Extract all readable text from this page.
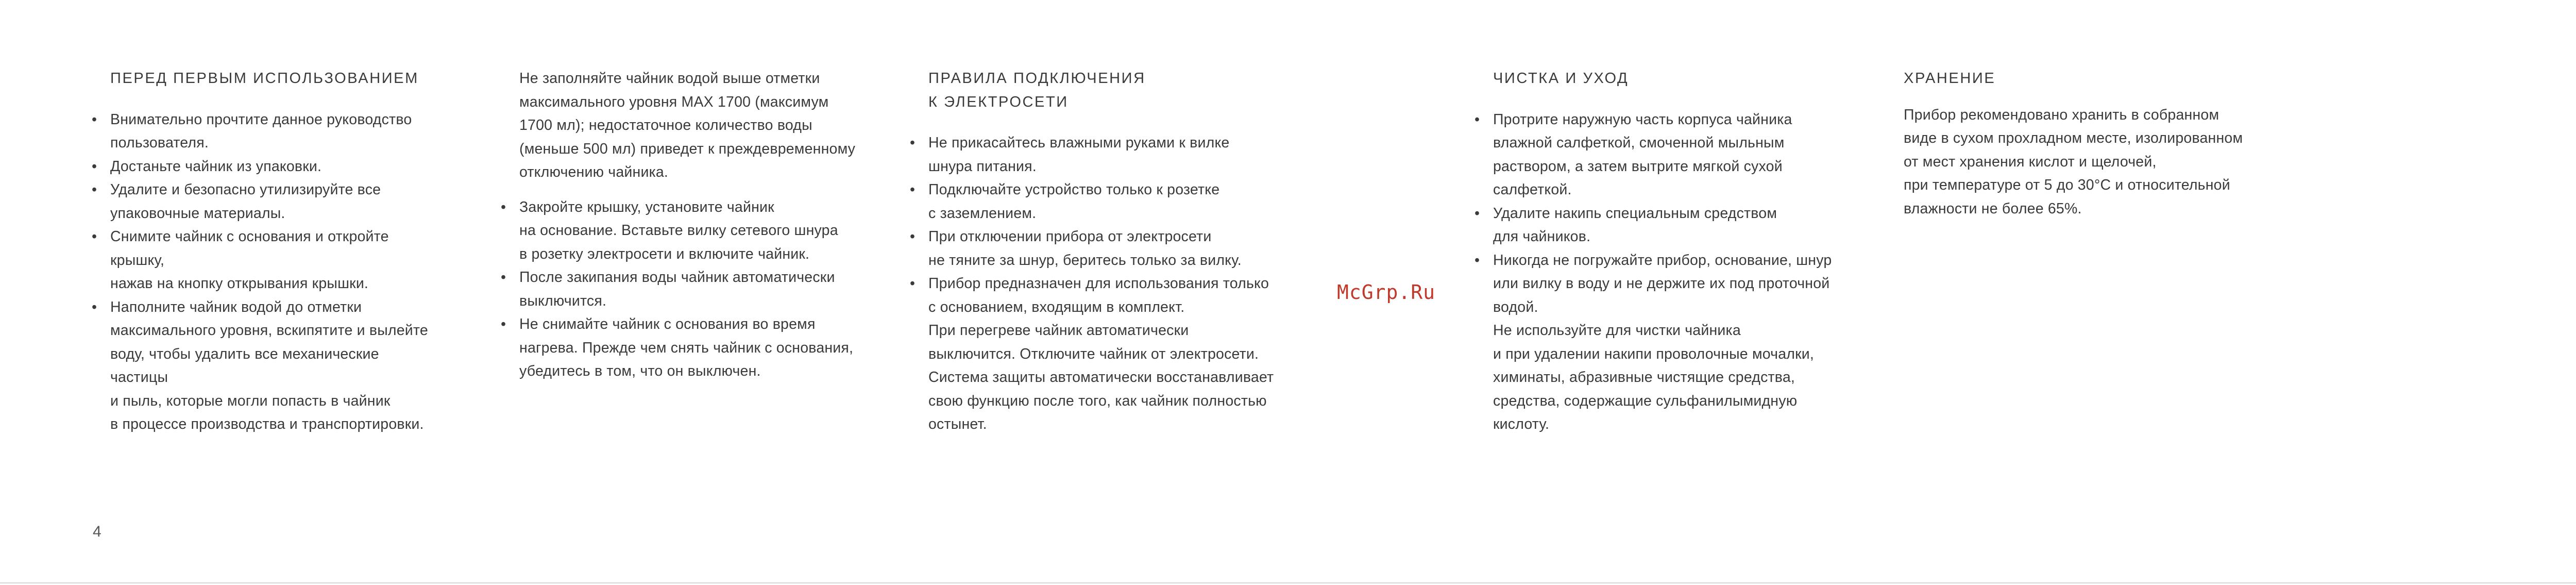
ПЕРЕД ПЕРВЫМ ИСПОЛЬЗОВАНИЕМ
• Внимательно прочтите данное руководство
пользователя.
• Достаньте чайник из упаковки.
• Удалите и безопасно утилизируйте все
упаковочные материалы.
• Снимите чайник с основания и откройте крышку,
нажав на кнопку открывания крышки.
• Наполните чайник водой до отметки
максимального уровня, вскипятите и вылейте
воду, чтобы удалить все механические частицы
и пыль, которые могли попасть в чайник
в процессе производства и транспортировки.

Не заполняйте чайник водой выше отметки
максимального уровня MAX 1700 (максимум
1700 мл); недостаточное количество воды
(меньше 500 мл) приведет к преждевременному
отключению чайника.

• Закройте крышку, установите чайник
на основание. Вставьте вилку сетевого шнура
в розетку электросети и включите чайник.
• После закипания воды чайник автоматически
выключится.
• Не снимайте чайник с основания во время
нагрева. Прежде чем снять чайник с основания,
убедитесь в том, что он выключен.
ПРАВИЛА ПОДКЛЮЧЕНИЯ
К ЭЛЕКТРОСЕТИ
• Не прикасайтесь влажными руками к вилке
шнура питания.
• Подключайте устройство только к розетке
с заземлением.
• При отключении прибора от электросети
не тяните за шнур, беритесь только за вилку.
• Прибор предназначен для использования только
с основанием, входящим в комплект.

При перегреве чайник автоматически
выключится. Отключите чайник от электросети.
Система защиты автоматически восстанавливает
свою функцию после того, как чайник полностью
остынет.

McGrp.Ru
ЧИСТКА И УХОД
• Протрите наружную часть корпуса чайника
влажной салфеткой, смоченной мыльным
раствором, а затем вытрите мягкой сухой
салфеткой.
• Удалите накипь специальным средством
для чайников.
• Никогда не погружайте прибор, основание, шнур
или вилку в воду и не держите их под проточной
водой.

Не используйте для чистки чайника
и при удалении накипи проволочные мочалки,
химинаты, абразивные чистящие средства,
средства, содержащие сульфанилымидную
кислоту.

ХРАНЕНИЕ

Прибор рекомендовано хранить в собранном
виде в сухом прохладном месте, изолированном
от мест хранения кислот и щелочей,
при температуре от 5 до 30°C и относительной
влажности не более 65%.

4
